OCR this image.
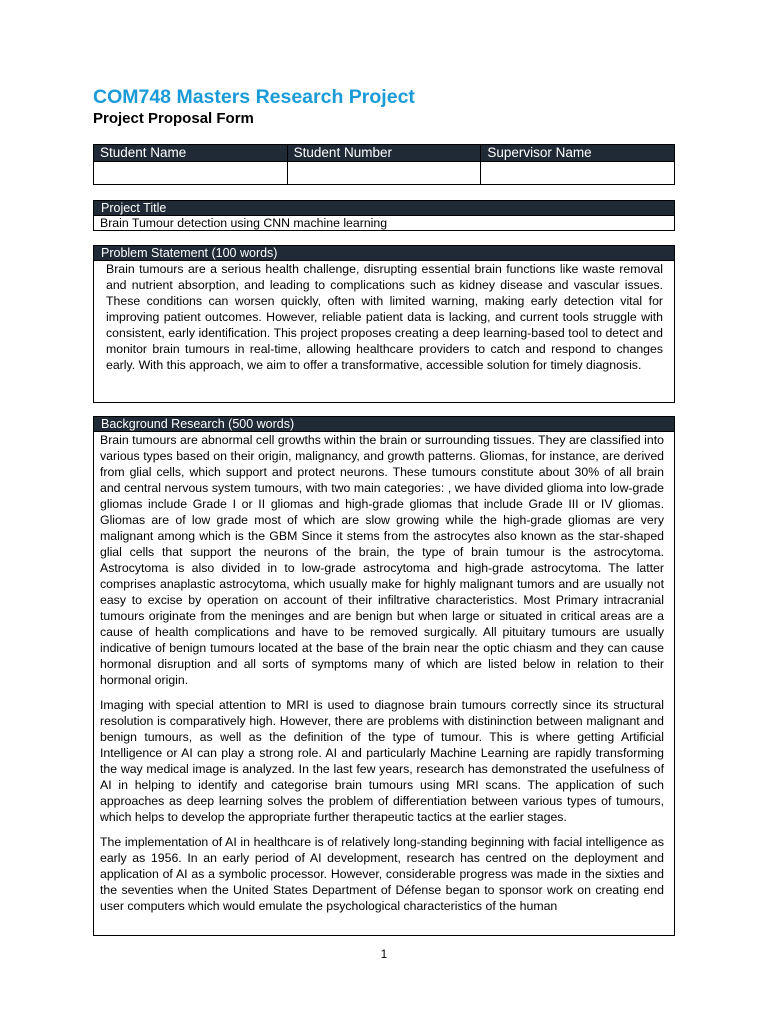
COM748 Masters Research Project
Project Proposal Form
Student Name	Student Number	Supervisor Name

Project Title
Brain Tumour detection using CNN machine learning
Problem Statement (100 words)
Brain tumours are a serious health challenge, disrupting essential brain functions like waste removal and nutrient absorption, and leading to complications such as kidney disease and vascular issues. These conditions can worsen quickly, often with limited warning, making early detection vital for improving patient outcomes. However, reliable patient data is lacking, and current tools struggle with consistent, early identification. This project proposes creating a deep learning-based tool to detect and monitor brain tumours in real-time, allowing healthcare providers to catch and respond to changes early. With this approach, we aim to offer a transformative, accessible solution for timely diagnosis.
Background Research (500 words)

Brain tumours are abnormal cell growths within the brain or surrounding tissues. They are classified into various types based on their origin, malignancy, and growth patterns. Gliomas, for instance, are derived from glial cells, which support and protect neurons. These tumours constitute about 30% of all brain and central nervous system tumours, with two main categories: , we have divided glioma into low-grade gliomas include Grade I or II gliomas and high-grade gliomas that include Grade III or IV gliomas. Gliomas are of low grade most of which are slow growing while the high-grade gliomas are very malignant among which is the GBM Since it stems from the astrocytes also known as the star-shaped glial cells that support the neurons of the brain, the type of brain tumour is the astrocytoma. Astrocytoma is also divided in to low-grade astrocytoma and high-grade astrocytoma. The latter comprises anaplastic astrocytoma, which usually make for highly malignant tumors and are usually not easy to excise by operation on account of their infiltrative characteristics. Most Primary intracranial tumours originate from the meninges and are benign but when large or situated in critical areas are a cause of health complications and have to be removed surgically. All pituitary tumours are usually indicative of benign tumours located at the base of the brain near the optic chiasm and they can cause hormonal disruption and all sorts of symptoms many of which are listed below in relation to their hormonal origin.

Imaging with special attention to MRI is used to diagnose brain tumours correctly since its structural resolution is comparatively high. However, there are problems with distininction between malignant and benign tumours, as well as the definition of the type of tumour. This is where getting Artificial Intelligence or AI can play a strong role. AI and particularly Machine Learning are rapidly transforming the way medical image is analyzed. In the last few years, research has demonstrated the usefulness of AI in helping to identify and categorise brain tumours using MRI scans. The application of such approaches as deep learning solves the problem of differentiation between various types of tumours, which helps to develop the appropriate further therapeutic tactics at the earlier stages.

The implementation of AI in healthcare is of relatively long-standing beginning with facial intelligence as early as 1956. In an early period of AI development, research has centred on the deployment and application of AI as a symbolic processor. However, considerable progress was made in the sixties and the seventies when the United States Department of Défense began to sponsor work on creating end user computers which would emulate the psychological characteristics of the human

1
